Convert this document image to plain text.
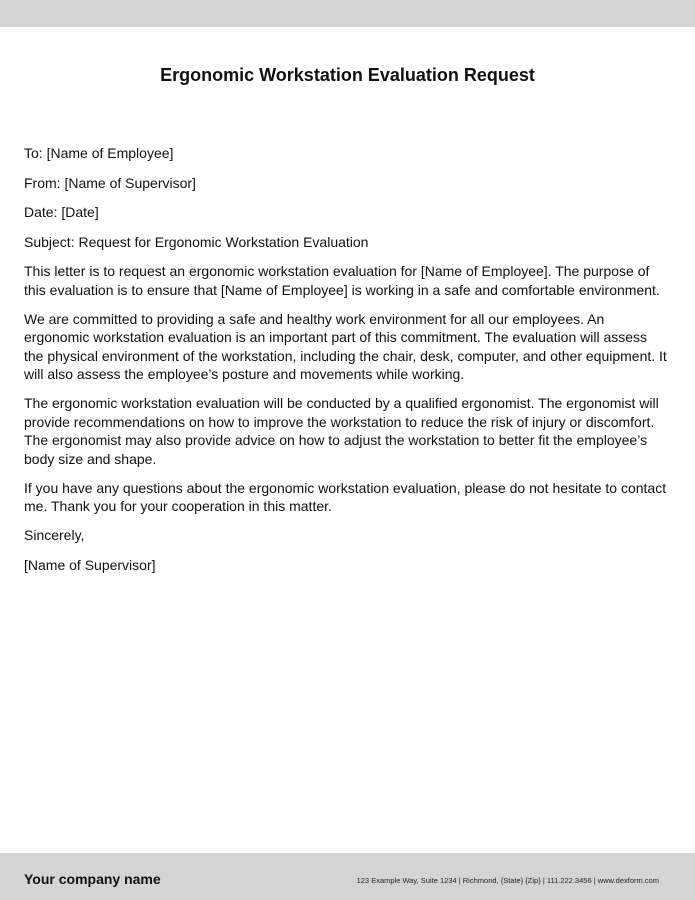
Ergonomic Workstation Evaluation Request

To: [Name of Employee]

From: [Name of Supervisor]

Date: [Date]

Subject: Request for Ergonomic Workstation Evaluation

This letter is to request an ergonomic workstation evaluation for [Name of Employee]. The purpose of this evaluation is to ensure that [Name of Employee] is working in a safe and comfortable environment.

We are committed to providing a safe and healthy work environment for all our employees. An ergonomic workstation evaluation is an important part of this commitment. The evaluation will assess the physical environment of the workstation, including the chair, desk, computer, and other equipment. It will also assess the employee’s posture and movements while working.

The ergonomic workstation evaluation will be conducted by a qualified ergonomist. The ergonomist will provide recommendations on how to improve the workstation to reduce the risk of injury or discomfort. The ergonomist may also provide advice on how to adjust the workstation to better fit the employee’s body size and shape.

If you have any questions about the ergonomic workstation evaluation, please do not hesitate to contact me. Thank you for your cooperation in this matter.

Sincerely,

[Name of Supervisor]

Your company name	123 Example Way, Suite 1234 | Richmond, {State} {Zip} | 111.222.3456 | www.dexform.com
